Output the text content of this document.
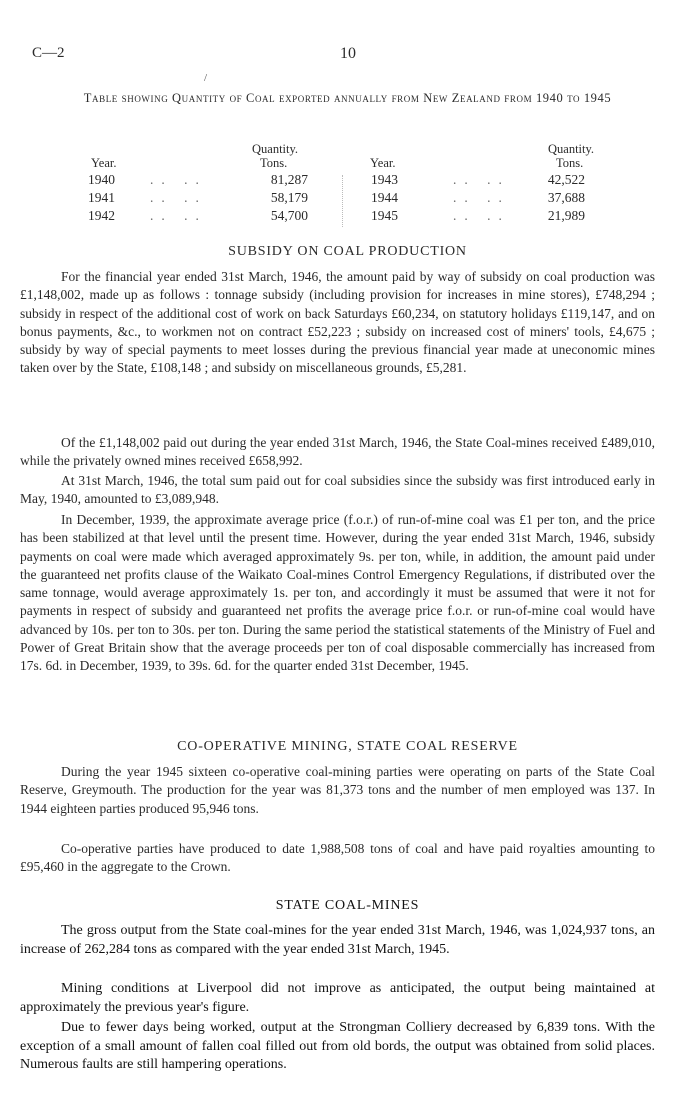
C—2	10
/
Table showing Quantity of Coal exported annually from New Zealand from 1940 to 1945
Quantity.
Year.	Tons.
1940	.. ..	81,287
1941	.. ..	58,179
1942	.. ..	54,700
Quantity.
Year.	Tons.
1943	.. ..	42,522
1944	.. ..	37,688
1945	.. ..	21,989
SUBSIDY ON COAL PRODUCTION

For the financial year ended 31st March, 1946, the amount paid by way of subsidy on coal production was £1,148,002, made up as follows : tonnage subsidy (including provision for increases in mine stores), £748,294 ; subsidy in respect of the additional cost of work on back Saturdays £60,234, on statutory holidays £119,147, and on bonus payments, &c., to workmen not on contract £52,223 ; subsidy on increased cost of miners' tools, £4,675 ; subsidy by way of special payments to meet losses during the previous financial year made at uneconomic mines taken over by the State, £108,148 ; and subsidy on miscellaneous grounds, £5,281.

Of the £1,148,002 paid out during the year ended 31st March, 1946, the State Coal-mines received £489,010, while the privately owned mines received £658,992.

At 31st March, 1946, the total sum paid out for coal subsidies since the subsidy was first introduced early in May, 1940, amounted to £3,089,948.

In December, 1939, the approximate average price (f.o.r.) of run-of-mine coal was £1 per ton, and the price has been stabilized at that level until the present time. However, during the year ended 31st March, 1946, subsidy payments on coal were made which averaged approximately 9s. per ton, while, in addition, the amount paid under the guaranteed net profits clause of the Waikato Coal-mines Control Emergency Regulations, if distributed over the same tonnage, would average approximately 1s. per ton, and accordingly it must be assumed that were it not for payments in respect of subsidy and guaranteed net profits the average price f.o.r. or run-of-mine coal would have advanced by 10s. per ton to 30s. per ton. During the same period the statistical statements of the Ministry of Fuel and Power of Great Britain show that the average proceeds per ton of coal disposable commercially has increased from 17s. 6d. in December, 1939, to 39s. 6d. for the quarter ended 31st December, 1945.

CO-OPERATIVE MINING, STATE COAL RESERVE

During the year 1945 sixteen co-operative coal-mining parties were operating on parts of the State Coal Reserve, Greymouth. The production for the year was 81,373 tons and the number of men employed was 137. In 1944 eighteen parties produced 95,946 tons.

Co-operative parties have produced to date 1,988,508 tons of coal and have paid royalties amounting to £95,460 in the aggregate to the Crown.

STATE COAL-MINES

The gross output from the State coal-mines for the year ended 31st March, 1946, was 1,024,937 tons, an increase of 262,284 tons as compared with the year ended 31st March, 1945.

Mining conditions at Liverpool did not improve as anticipated, the output being maintained at approximately the previous year's figure.

Due to fewer days being worked, output at the Strongman Colliery decreased by 6,839 tons. With the exception of a small amount of fallen coal filled out from old bords, the output was obtained from solid places. Numerous faults are still hampering operations.
